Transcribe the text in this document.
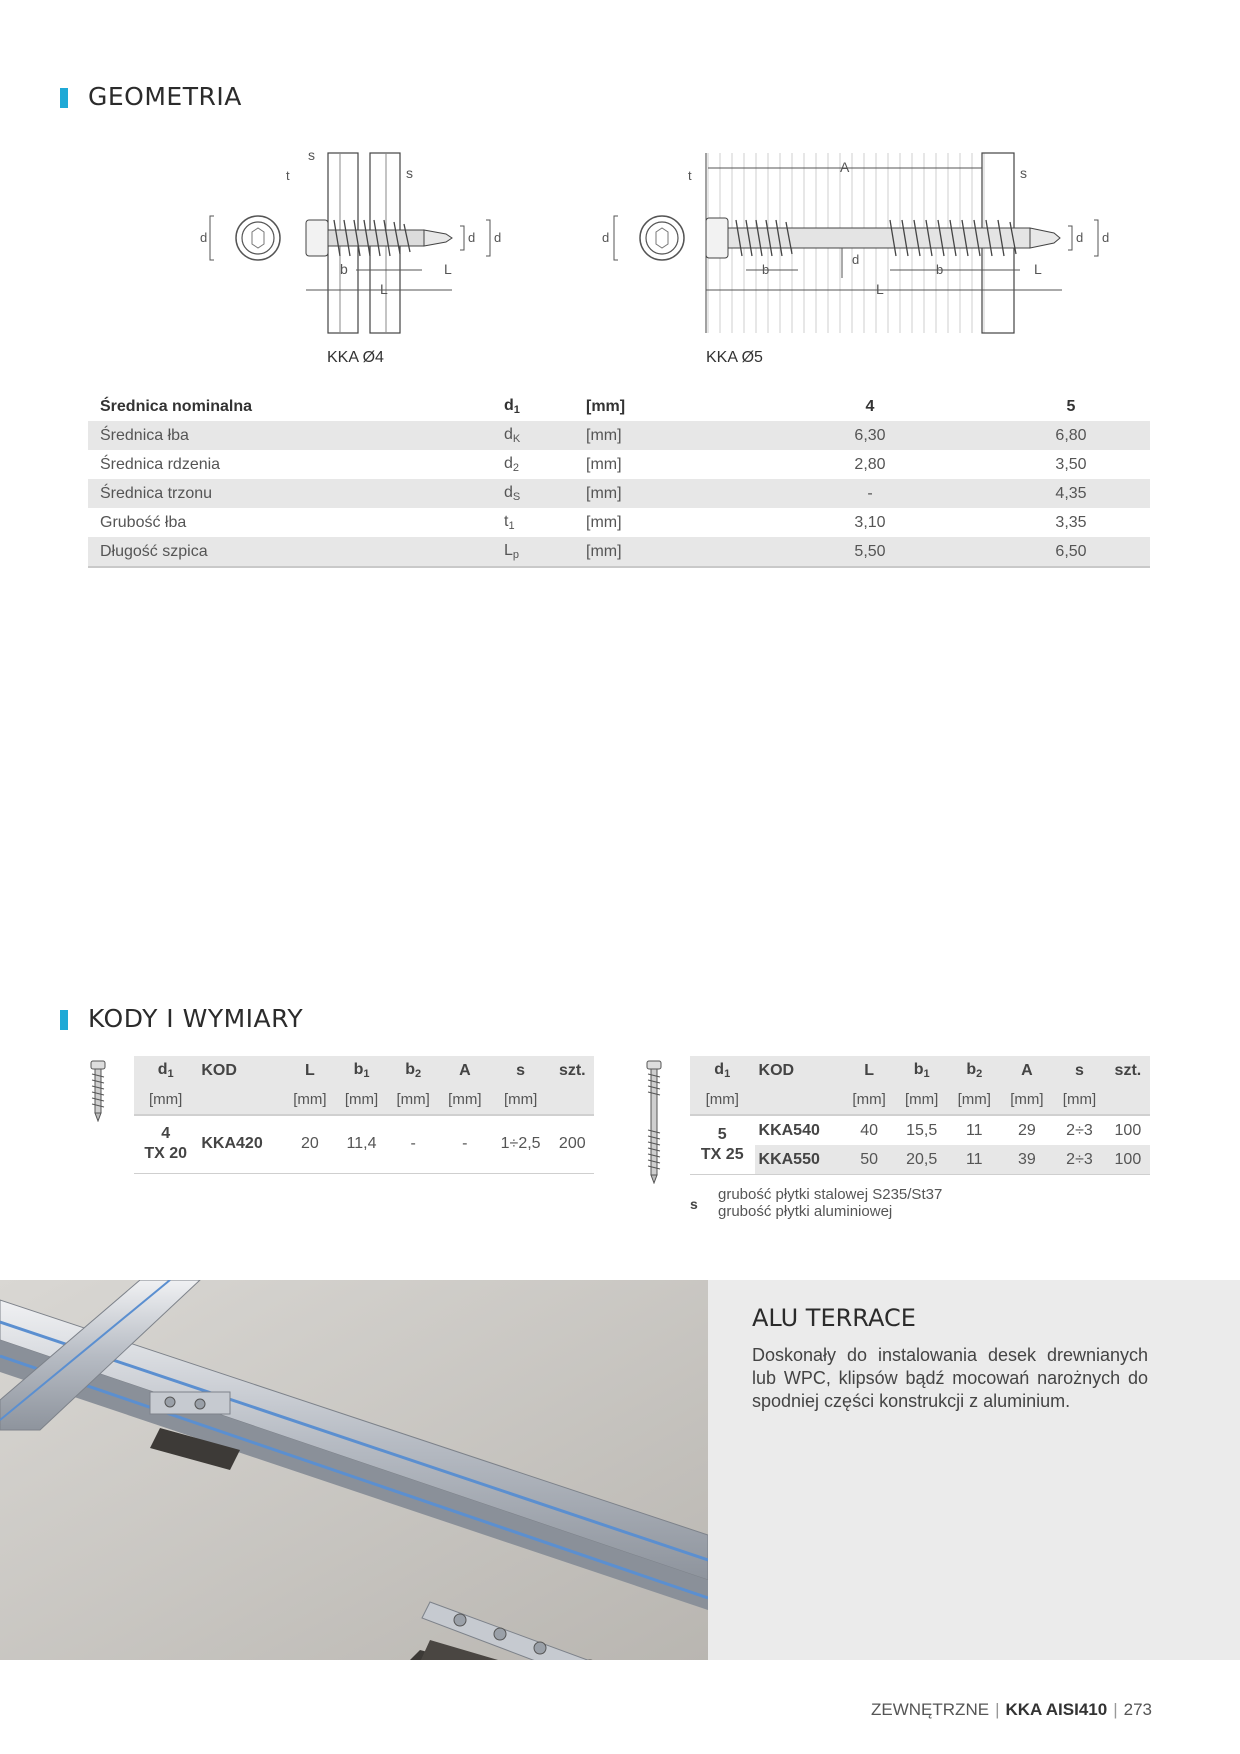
GEOMETRIA
d	d d
s
s
t
b	L
L
KKA Ø4
d	d d
A	s
t
d
b	b	L
L
KKA Ø5
Średnica nominalna	$d_1$	[mm]	4	5
Średnica łba	$d_K$	[mm]	6,30	6,80
Średnica rdzenia	$d_2$	[mm]	2,80	3,50
Średnica trzonu	$d_S$	[mm]	-	4,35
Grubość łba	$t_1$	[mm]	3,10	3,35
Długość szpica	$L_p$	[mm]	5,50	6,50
KODY I WYMIARY
$d_1$	KOD	L	$b_1$	$b_2$	A	s	szt.
[mm]		[mm]	[mm]	[mm]	[mm]	[mm]	

4
TX 20	KKA420	20	11,4	-	-	1÷2,5	200
$d_1$	KOD	L	$b_1$	$b_2$	A	s	szt.
[mm]		[mm]	[mm]	[mm]	[mm]	[mm]	

5
TX 25	KKA540	40	15,5	11	29	2÷3	100
	KKA550	50	20,5	11	39	2÷3	100
s
grubość płytki stalowej S235/St37
grubość płytki aluminiowej
ALU TERRACE
Doskonały do instalowania desek drewnianych lub WPC, klipsów bądź mocowań narożnych do spodniej części konstrukcji z aluminium.
ZEWNĘTRZNE | KKA AISI410 | 273
